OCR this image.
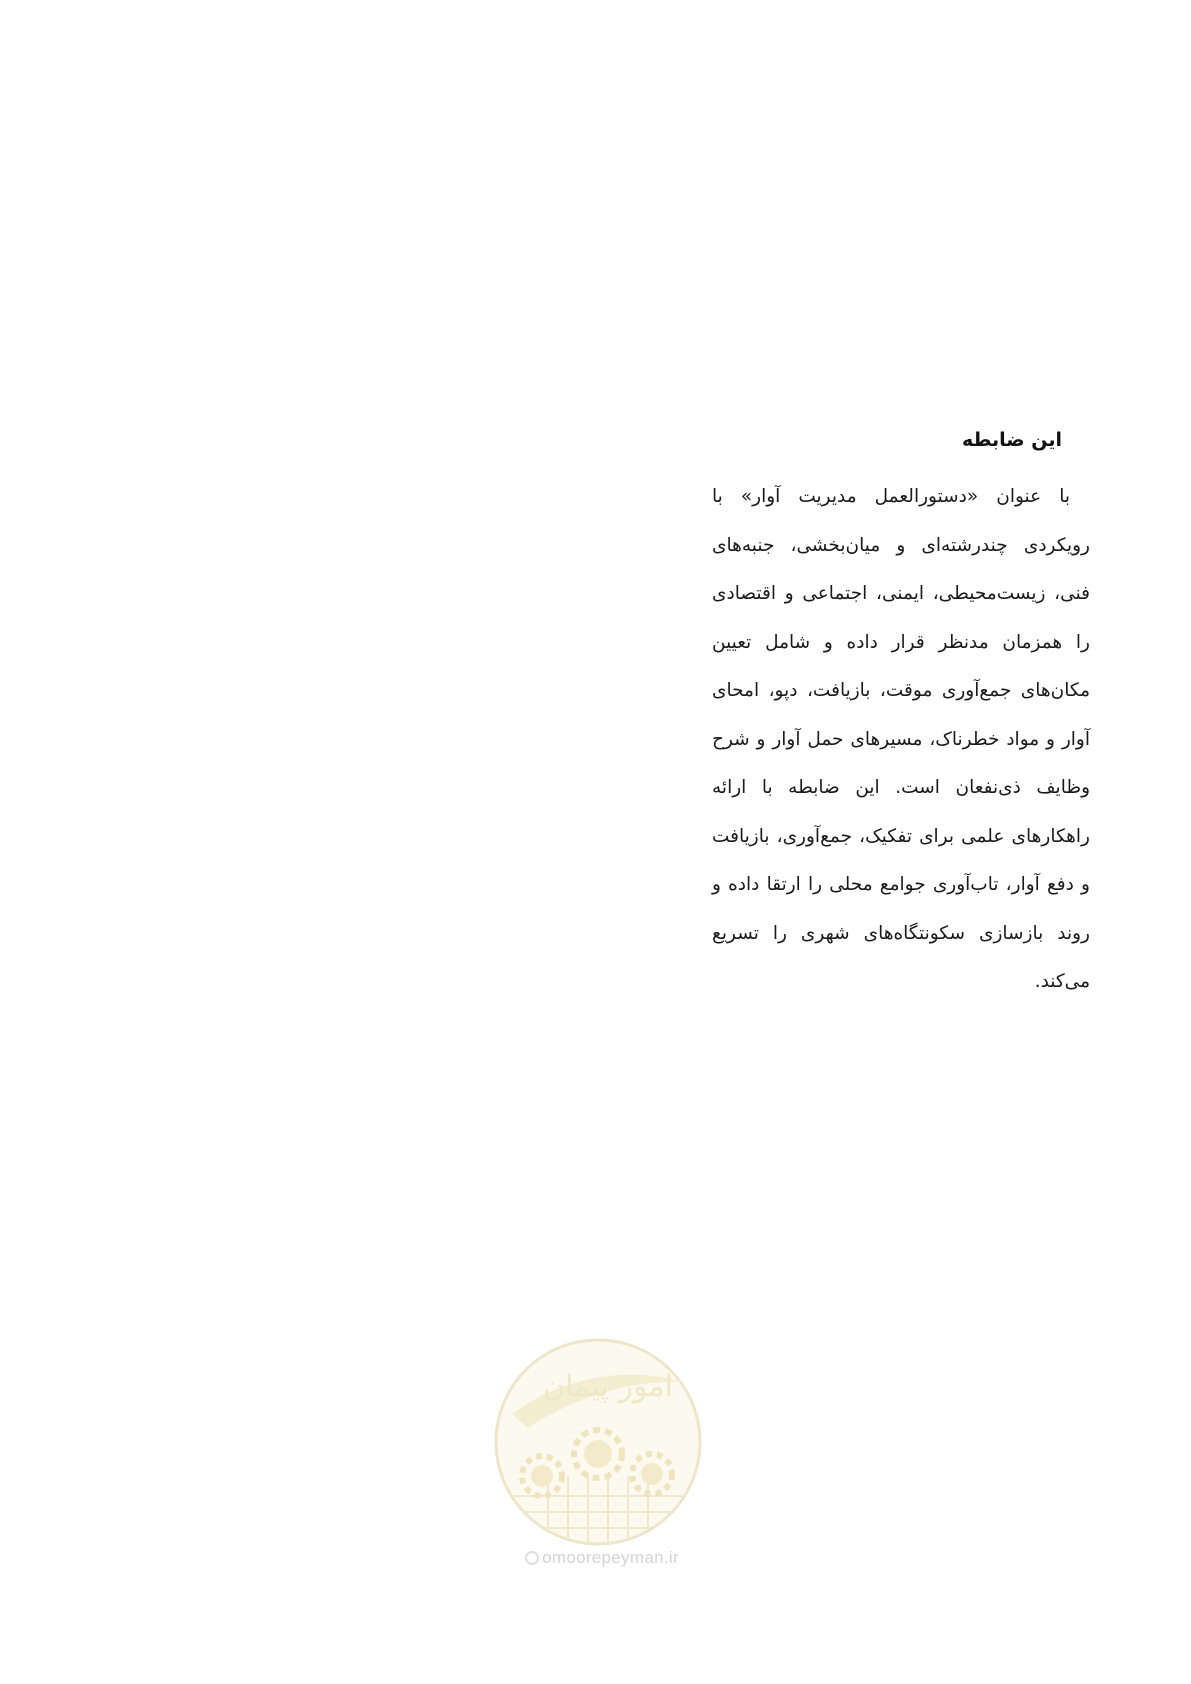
این ضابطه

با عنوان «دستورالعمل مدیریت آوار» با رویکردی چندرشته‌ای و میان‌بخشی، جنبه‌های فنی، زیست‌محیطی، ایمنی، اجتماعی و اقتصادی را همزمان مدنظر قرار داده و شامل تعیین مکان‌های جمع‌آوری موقت، بازیافت، دپو، امحای آوار و مواد خطرناک، مسیرهای حمل آوار و شرح وظایف ذی‌نفعان است. این ضابطه با ارائه راهکارهای علمی برای تفکیک، جمع‌آوری، بازیافت و دفع آوار، تاب‌آوری جوامع محلی را ارتقا داده و روند بازسازی سکونتگاه‌های شهری را تسریع می‌کند.

امور پیمان
omoorepeyman.ir
